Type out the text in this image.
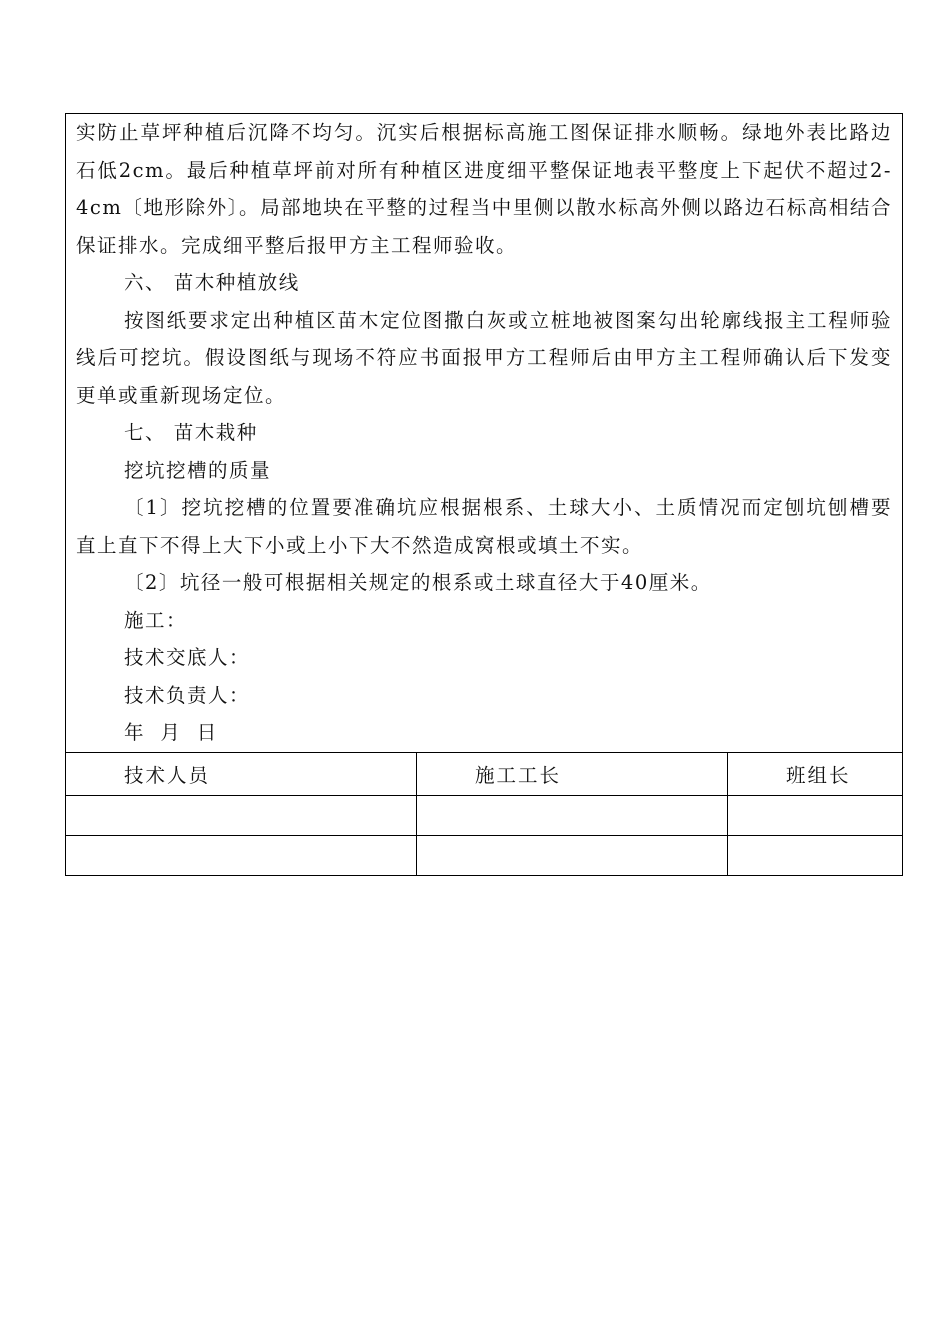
实防止草坪种植后沉降不均匀。沉实后根据标高施工图保证排水顺畅。绿地外表比路边石低2cm。最后种植草坪前对所有种植区进度细平整保证地表平整度上下起伏不超过2-4cm〔地形除外〕。局部地块在平整的过程当中里侧以散水标高外侧以路边石标高相结合保证排水。完成细平整后报甲方主工程师验收。

六、 苗木种植放线

按图纸要求定出种植区苗木定位图撒白灰或立桩地被图案勾出轮廓线报主工程师验线后可挖坑。假设图纸与现场不符应书面报甲方工程师后由甲方主工程师确认后下发变更单或重新现场定位。

七、 苗木栽种

挖坑挖槽的质量

〔1〕挖坑挖槽的位置要准确坑应根据根系、土球大小、土质情况而定刨坑刨槽要直上直下不得上大下小或上小下大不然造成窝根或填土不实。

〔2〕坑径一般可根据相关规定的根系或土球直径大于40厘米。

施工：

技术交底人：

技术负责人：

年  月  日

技术人员	施工工长	班组长
